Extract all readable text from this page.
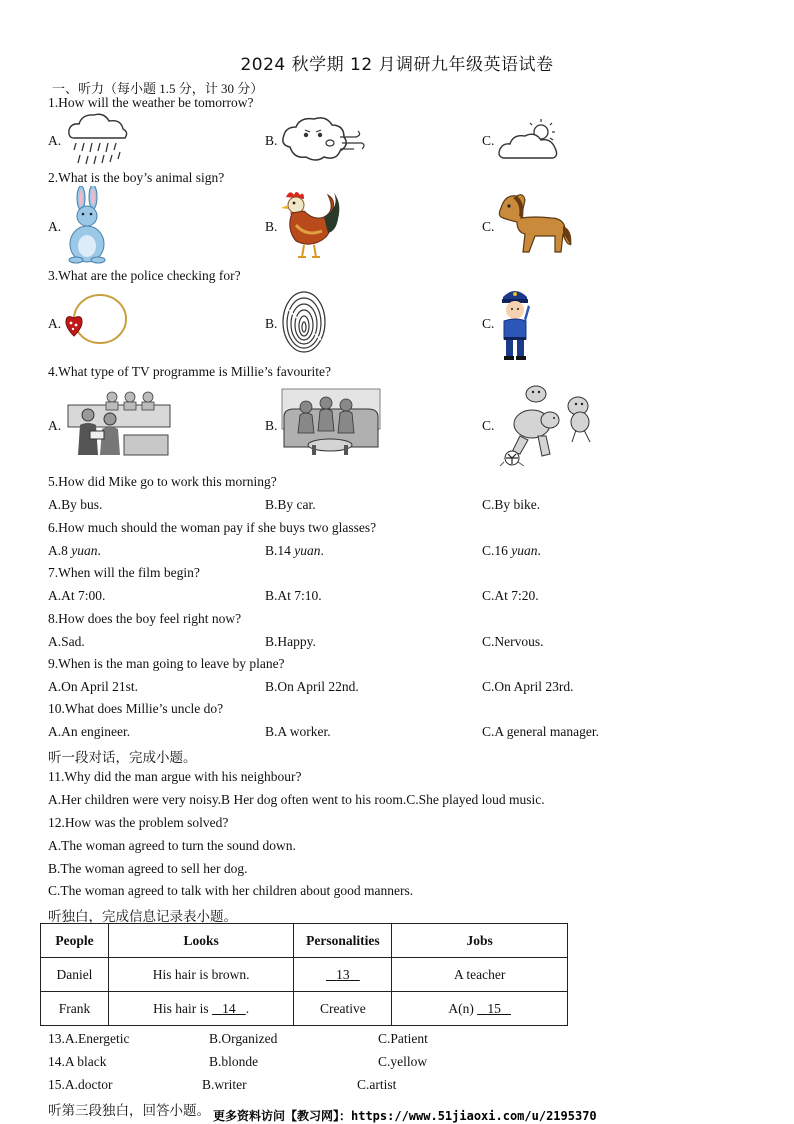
2024 秋学期 12 月调研九年级英语试卷
一、听力（每小题 1.5 分，计 30 分）
1.How will the weather be tomorrow?
A.	B.	C.
2.What is the boy’s animal sign?
A.	B.	C.
3.What are the police checking for?
A.	B.	C.
4.What type of TV programme is Millie’s favourite?
A.	B.	C.
5.How did Mike go to work this morning?
A.By bus.	B.By car.	C.By bike.
6.How much should the woman pay if she buys two glasses?
A.8 yuan.	B.14 yuan.	C.16 yuan.
7.When will the film begin?
A.At 7:00.	B.At 7:10.	C.At 7:20.
8.How does the boy feel right now?
A.Sad.	B.Happy.	C.Nervous.
9.When is the man going to leave by plane?
A.On April 21st.	B.On April 22nd.	C.On April 23rd.
10.What does Millie’s uncle do?
A.An engineer.	B.A worker.	C.A general manager.
听一段对话，完成小题。
11.Why did the man argue with his neighbour?
A.Her children were very noisy.B Her dog often went to his room.C.She played loud music.
12.How was the problem solved?
A.The woman agreed to turn the sound down.
B.The woman agreed to sell her dog.
C.The woman agreed to talk with her children about good manners.
听独白，完成信息记录表小题。
People	Looks	Personalities	Jobs
Daniel	His hair is brown.	13	A teacher
Frank	His hair is    14 .	Creative	A(n)    15
13.A.Energetic	B.Organized	C.Patient
14.A black	B.blonde	C.yellow
15.A.doctor	B.writer	C.artist
听第三段独白，回答小题。 更多资料访问【教习网】：https://www.51jiaoxi.com/u/2195370
